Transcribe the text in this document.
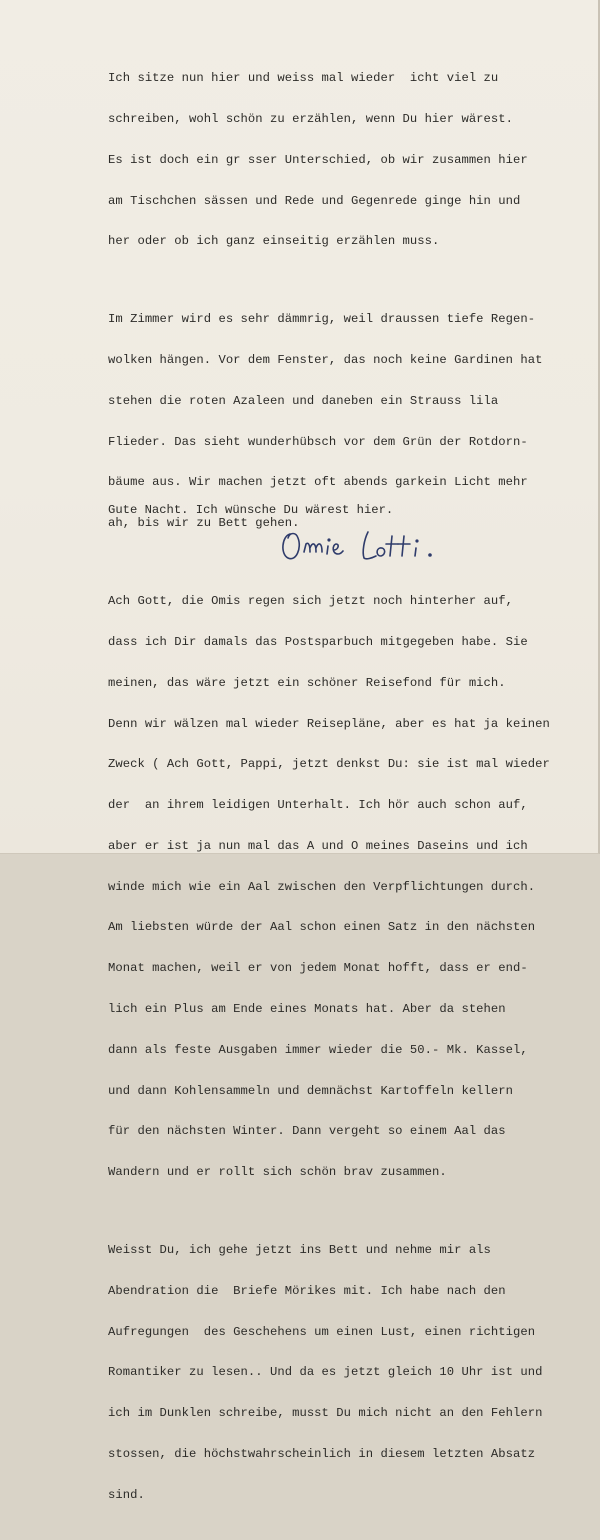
Ich sitze nun hier und weiss mal wieder  icht viel zu

schreiben, wohl schön zu erzählen, wenn Du hier wärest.

Es ist doch ein gr sser Unterschied, ob wir zusammen hier

am Tischchen sässen und Rede und Gegenrede ginge hin und

her oder ob ich ganz einseitig erzählen muss.

Im Zimmer wird es sehr dämmrig, weil draussen tiefe Regen-

wolken hängen. Vor dem Fenster, das noch keine Gardinen hat

stehen die roten Azaleen und daneben ein Strauss lila

Flieder. Das sieht wunderhübsch vor dem Grün der Rotdorn-

bäume aus. Wir machen jetzt oft abends garkein Licht mehr

ah, bis wir zu Bett gehen.

Ach Gott, die Omis regen sich jetzt noch hinterher auf,

dass ich Dir damals das Postsparbuch mitgegeben habe. Sie

meinen, das wäre jetzt ein schöner Reisefond für mich.

Denn wir wälzen mal wieder Reisepläne, aber es hat ja keinen

Zweck ( Ach Gott, Pappi, jetzt denkst Du: sie ist mal wieder

der  an ihrem leidigen Unterhalt. Ich hör auch schon auf,

aber er ist ja nun mal das A und O meines Daseins und ich

winde mich wie ein Aal zwischen den Verpflichtungen durch.

Am liebsten würde der Aal schon einen Satz in den nächsten

Monat machen, weil er von jedem Monat hofft, dass er end-

lich ein Plus am Ende eines Monats hat. Aber da stehen

dann als feste Ausgaben immer wieder die 50.- Mk. Kassel,

und dann Kohlensammeln und demnächst Kartoffeln kellern

für den nächsten Winter. Dann vergeht so einem Aal das

Wandern und er rollt sich schön brav zusammen.

Weisst Du, ich gehe jetzt ins Bett und nehme mir als

Abendration die  Briefe Mörikes mit. Ich habe nach den

Aufregungen  des Geschehens um einen Lust, einen richtigen

Romantiker zu lesen.. Und da es jetzt gleich 10 Uhr ist und

ich im Dunklen schreibe, musst Du mich nicht an den Fehlern

stossen, die höchstwahrscheinlich in diesem letzten Absatz

sind.

Gute Nacht. Ich wünsche Du wärest hier.
